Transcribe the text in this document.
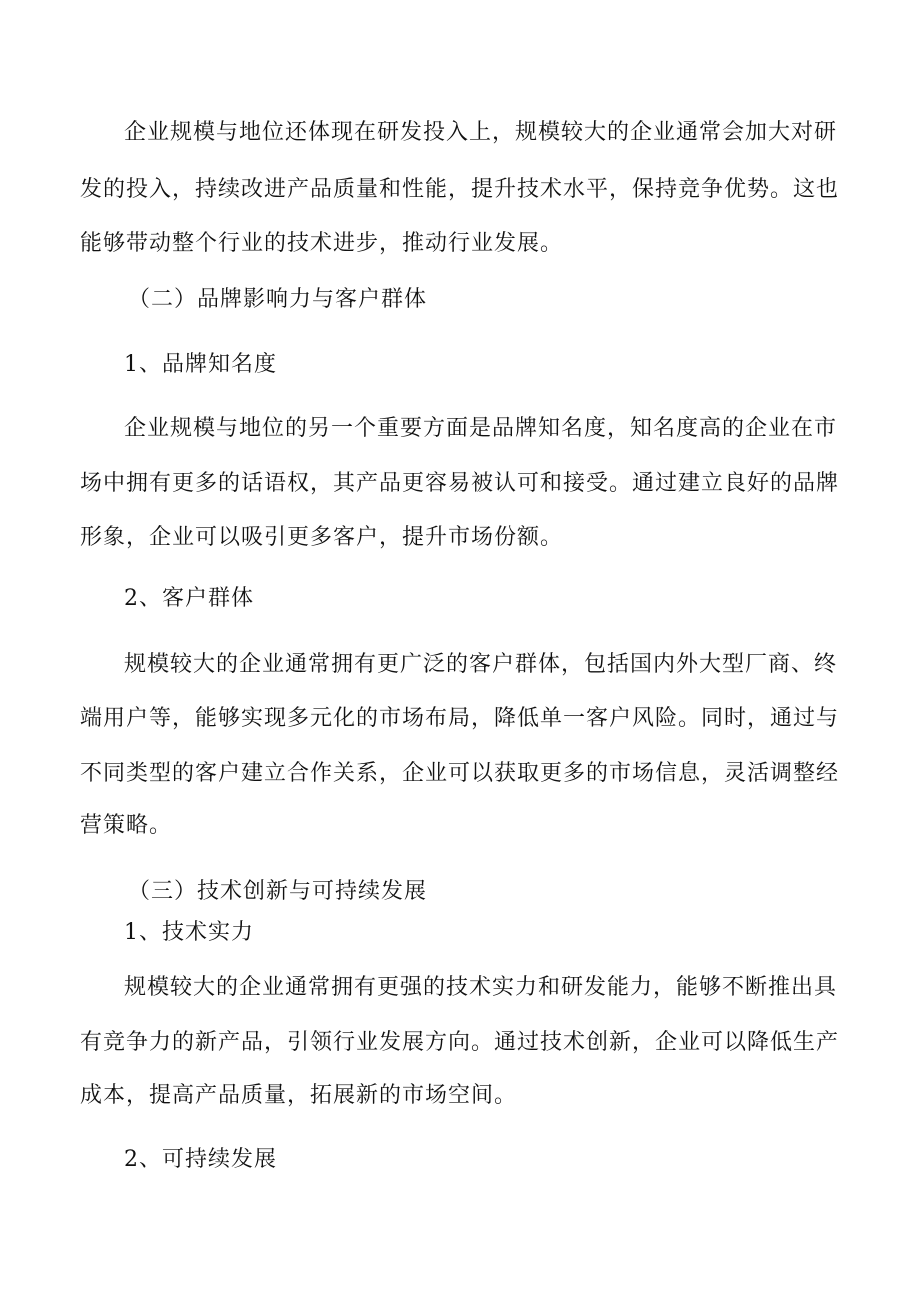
企业规模与地位还体现在研发投入上，规模较大的企业通常会加大对研
发的投入，持续改进产品质量和性能，提升技术水平，保持竞争优势。这也
能够带动整个行业的技术进步，推动行业发展。
（二）品牌影响力与客户群体
1、品牌知名度
企业规模与地位的另一个重要方面是品牌知名度，知名度高的企业在市
场中拥有更多的话语权，其产品更容易被认可和接受。通过建立良好的品牌
形象，企业可以吸引更多客户，提升市场份额。
2、客户群体
规模较大的企业通常拥有更广泛的客户群体，包括国内外大型厂商、终
端用户等，能够实现多元化的市场布局，降低单一客户风险。同时，通过与
不同类型的客户建立合作关系，企业可以获取更多的市场信息，灵活调整经
营策略。
（三）技术创新与可持续发展
1、技术实力
规模较大的企业通常拥有更强的技术实力和研发能力，能够不断推出具
有竞争力的新产品，引领行业发展方向。通过技术创新，企业可以降低生产
成本，提高产品质量，拓展新的市场空间。
2、可持续发展
